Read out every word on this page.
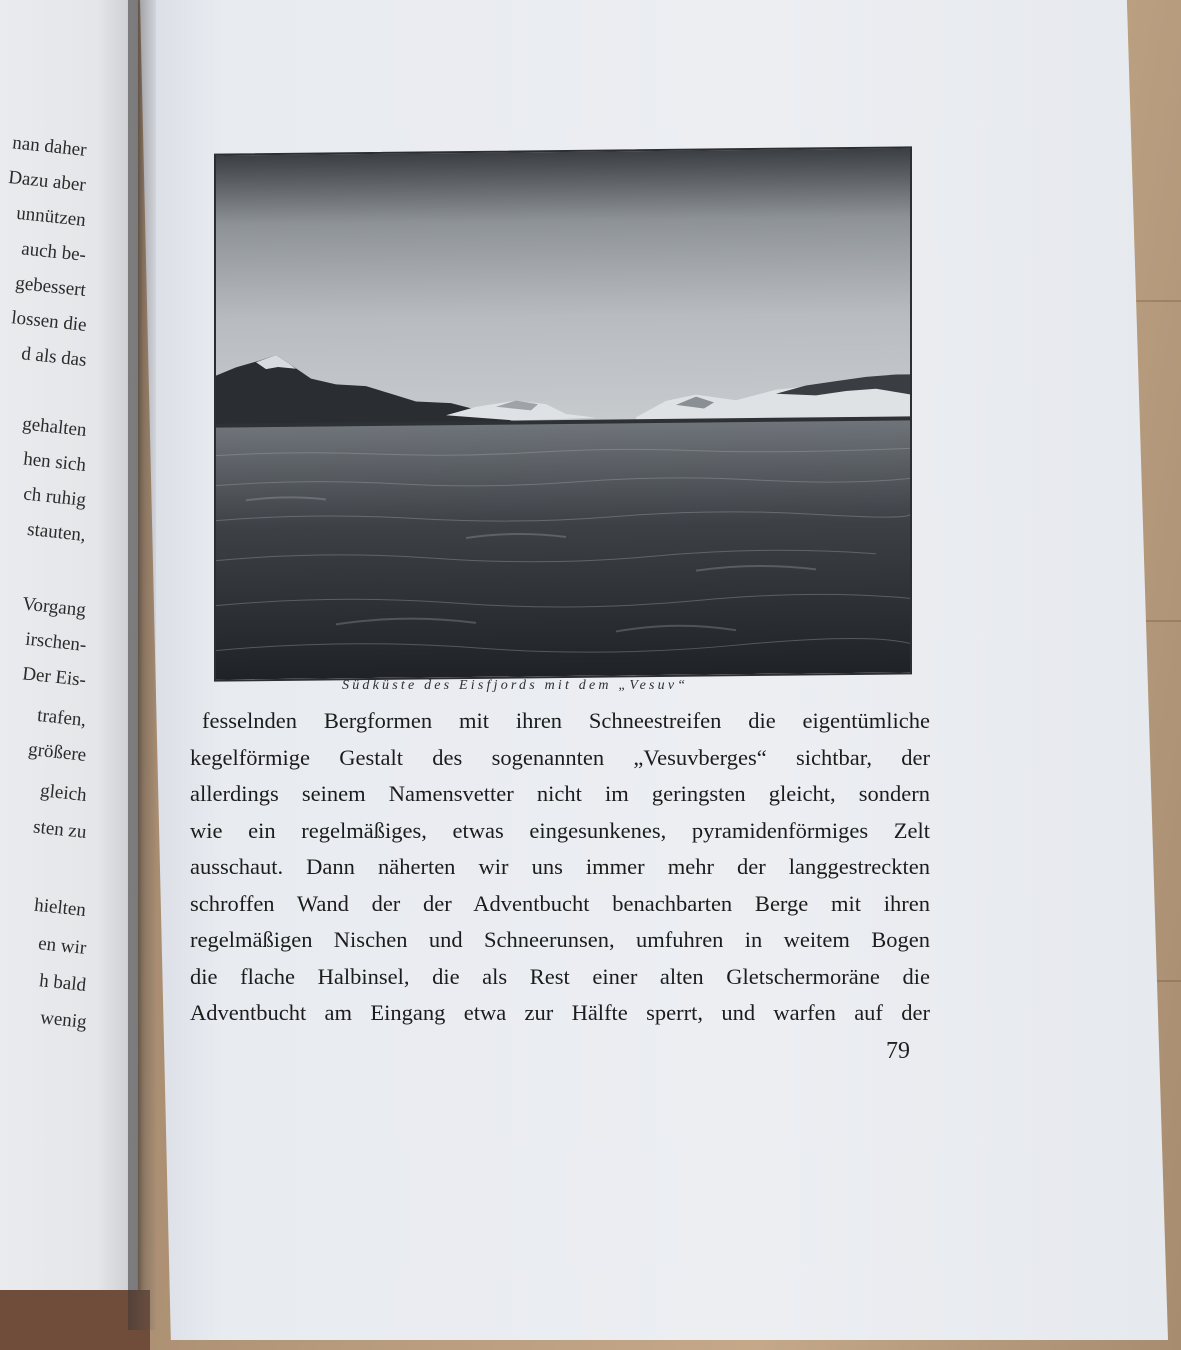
nan daher
Dazu aber
unnützen
auch be-
gebessert
lossen die
d als das
gehalten
hen sich
ch ruhig
stauten,
Vorgang
irschen-
Der Eis-
trafen,
größere
gleich
sten zu
hielten
en wir
h bald
wenig
Südküste des Eisfjords mit dem „Vesuv“
fesselnden Bergformen mit ihren Schneestreifen die eigentümliche
kegelförmige Gestalt des sogenannten „Vesuvberges“ sichtbar, der
allerdings seinem Namensvetter nicht im geringsten gleicht, sondern
wie ein regelmäßiges, etwas eingesunkenes, pyramidenförmiges Zelt
ausschaut. Dann näherten wir uns immer mehr der langgestreckten
schroffen Wand der der Adventbucht benachbarten Berge mit ihren
regelmäßigen Nischen und Schneerunsen, umfuhren in weitem Bogen
die flache Halbinsel, die als Rest einer alten Gletschermoräne die
Adventbucht am Eingang etwa zur Hälfte sperrt, und warfen auf der
79
